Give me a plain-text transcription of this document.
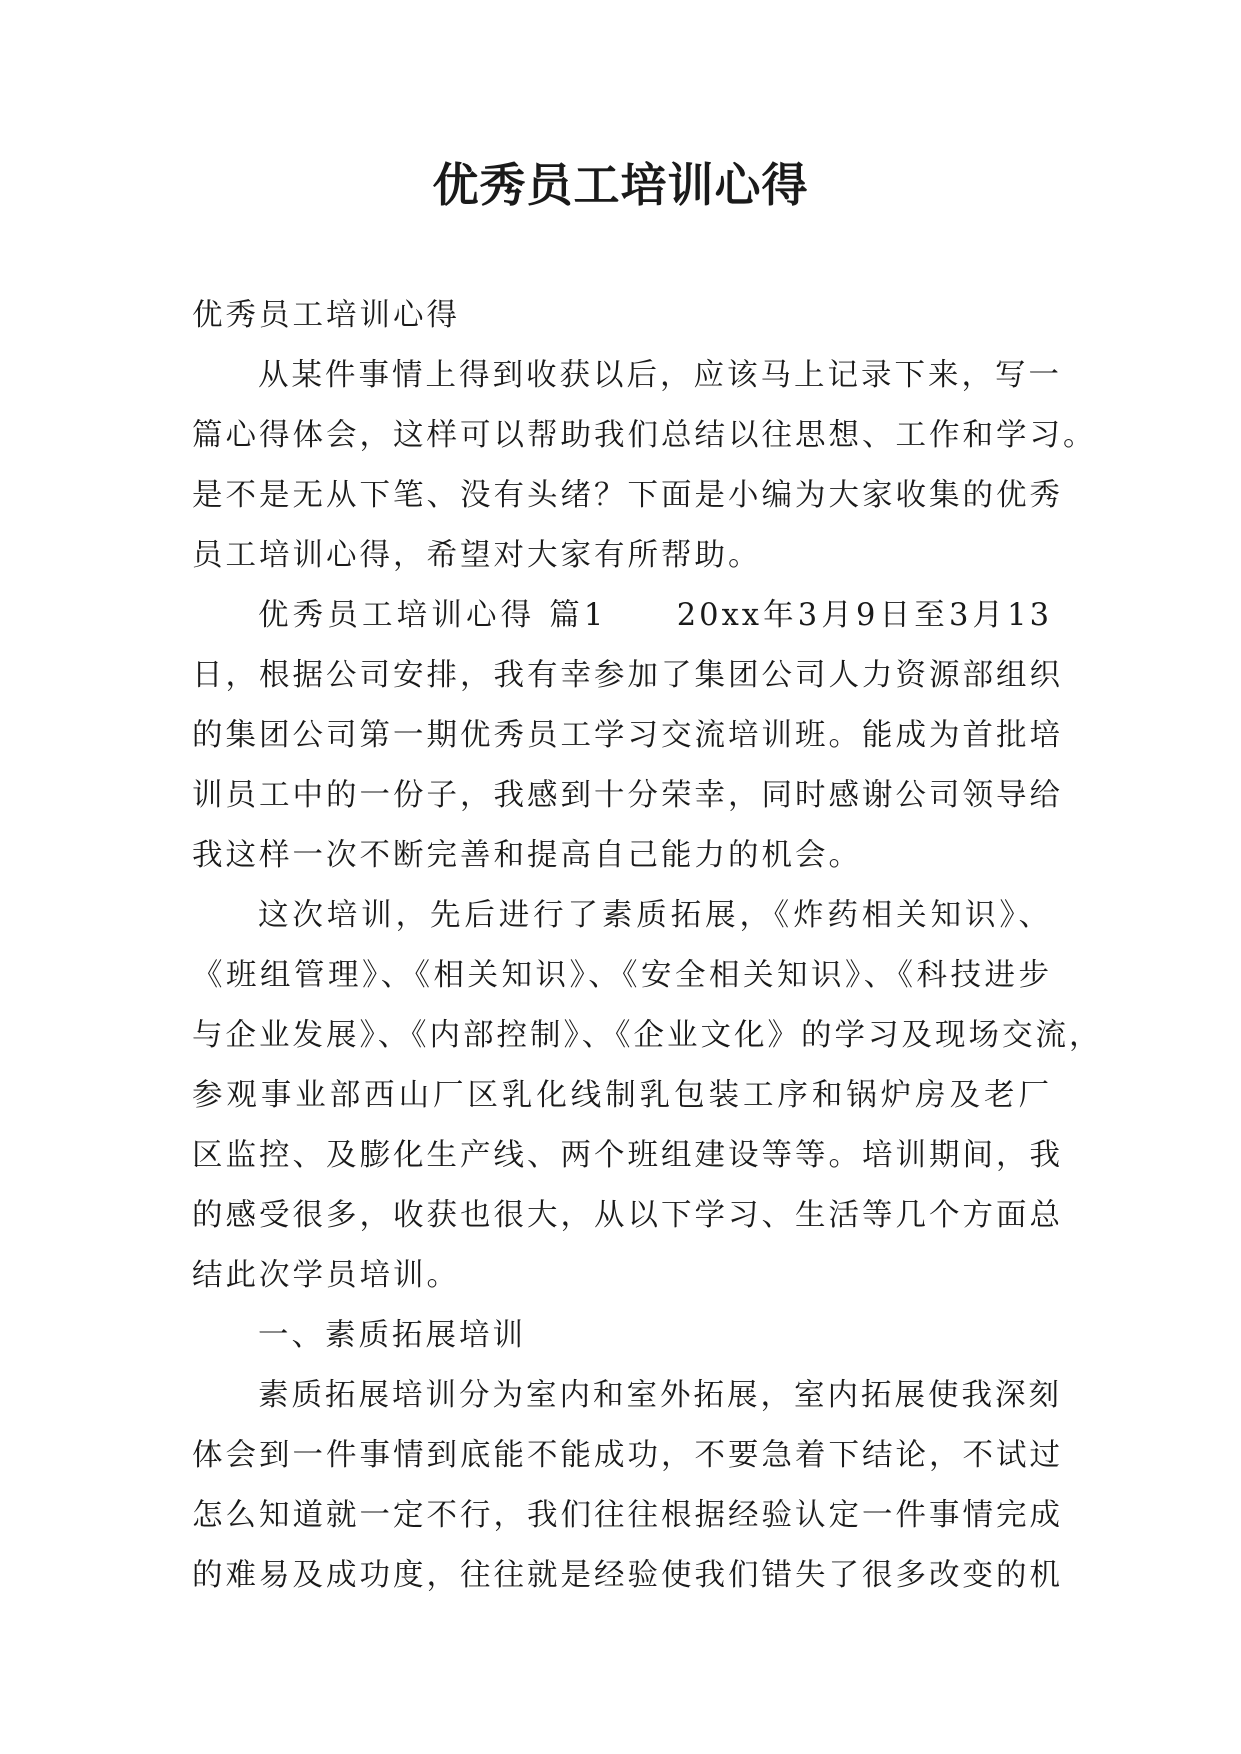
优秀员工培训心得
优秀员工培训心得
从某件事情上得到收获以后，应该马上记录下来，写一
篇心得体会，这样可以帮助我们总结以往思想、工作和学习。
是不是无从下笔、没有头绪？下面是小编为大家收集的优秀
员工培训心得，希望对大家有所帮助。
优秀员工培训心得 篇1　　20xx年3月9日至3月13
日，根据公司安排，我有幸参加了集团公司人力资源部组织
的集团公司第一期优秀员工学习交流培训班。能成为首批培
训员工中的一份子，我感到十分荣幸，同时感谢公司领导给
我这样一次不断完善和提高自己能力的机会。
这次培训，先后进行了素质拓展，《炸药相关知识》、
《班组管理》、《相关知识》、《安全相关知识》、《科技进步
与企业发展》、《内部控制》、《企业文化》的学习及现场交流，
参观事业部西山厂区乳化线制乳包装工序和锅炉房及老厂
区监控、及膨化生产线、两个班组建设等等。培训期间，我
的感受很多，收获也很大，从以下学习、生活等几个方面总
结此次学员培训。
一、素质拓展培训
素质拓展培训分为室内和室外拓展，室内拓展使我深刻
体会到一件事情到底能不能成功，不要急着下结论，不试过
怎么知道就一定不行，我们往往根据经验认定一件事情完成
的难易及成功度，往往就是经验使我们错失了很多改变的机
